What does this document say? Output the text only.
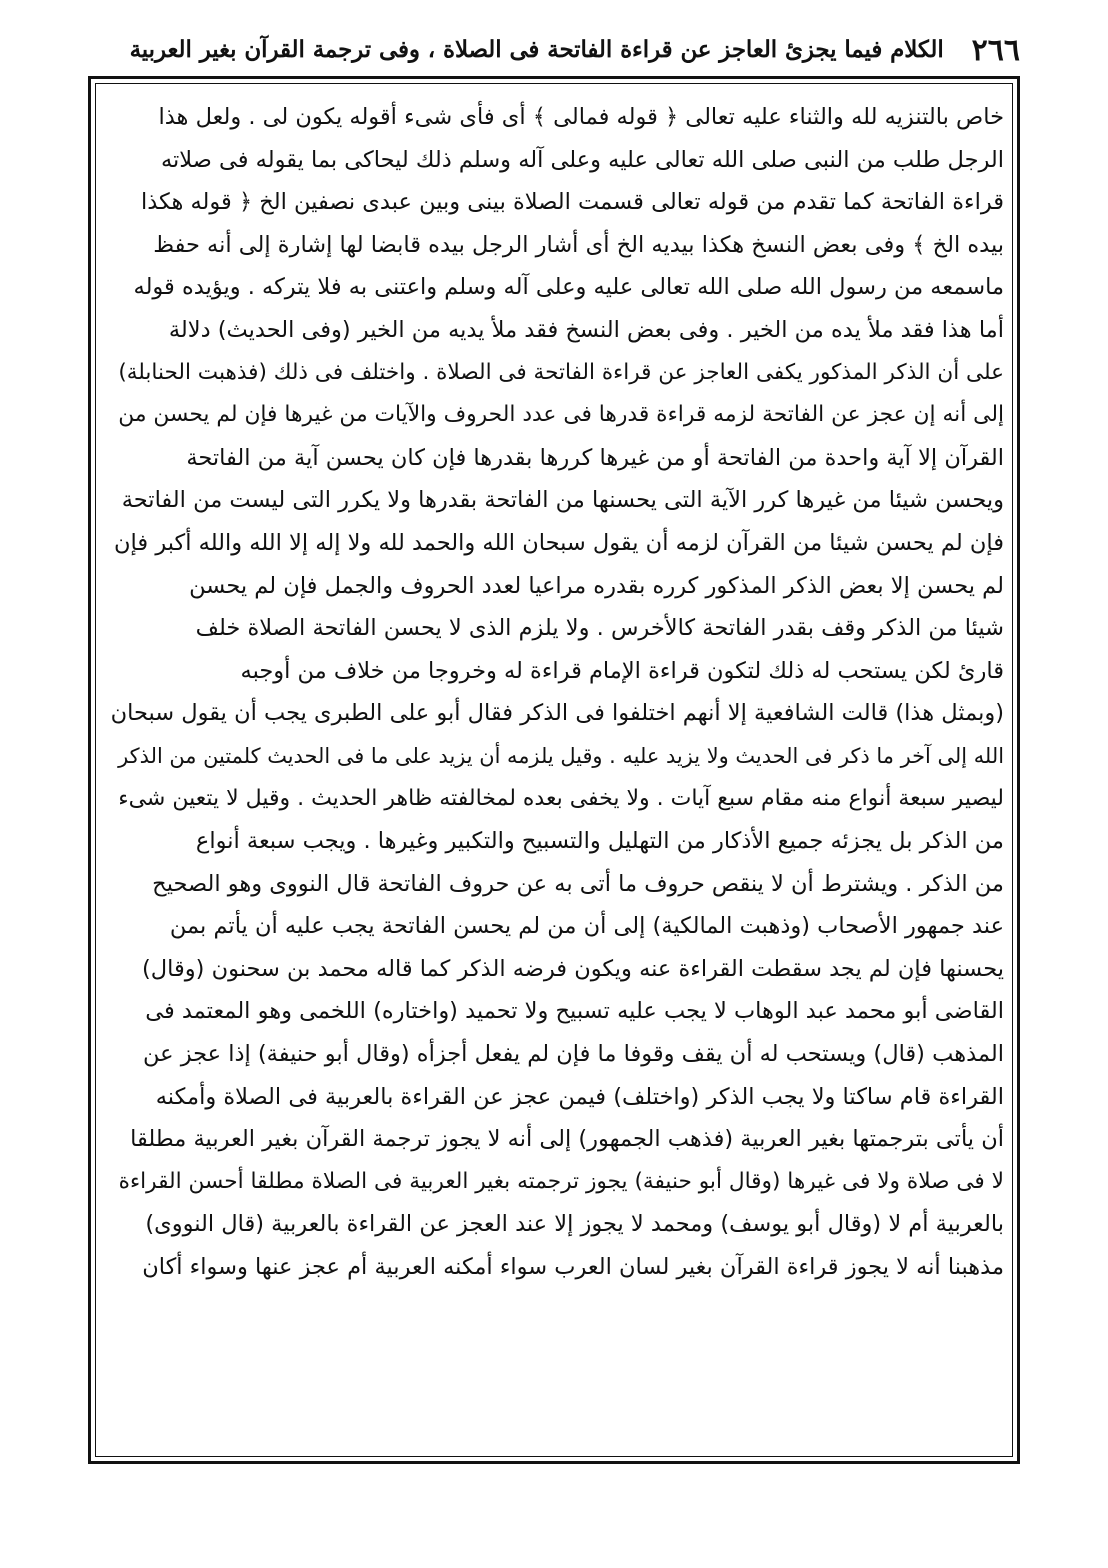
٢٦٦
الكلام فيما يجزئ العاجز عن قراءة الفاتحة فى الصلاة ، وفى ترجمة القرآن بغير العربية
خاص بالتنزيه لله والثناء عليه تعالى ﴿ قوله فمالى ﴾ أى فأى شىء أقوله يكون لى . ولعل هذا
الرجل طلب من النبى صلى الله تعالى عليه وعلى آله وسلم ذلك ليحاكى بما يقوله فى صلاته
قراءة الفاتحة كما تقدم من قوله تعالى قسمت الصلاة بينى وبين عبدى نصفين الخ ﴿ قوله هكذا
بيده الخ ﴾ وفى بعض النسخ هكذا بيديه الخ أى أشار الرجل بيده قابضا لها إشارة إلى أنه حفظ
ماسمعه من رسول الله صلى الله تعالى عليه وعلى آله وسلم واعتنى به فلا يتركه . ويؤيده قوله
أما هذا فقد ملأ يده من الخير . وفى بعض النسخ فقد ملأ يديه من الخير (وفى الحديث) دلالة
على أن الذكر المذكور يكفى العاجز عن قراءة الفاتحة فى الصلاة . واختلف فى ذلك (فذهبت الحنابلة)
إلى أنه إن عجز عن الفاتحة لزمه قراءة قدرها فى عدد الحروف والآيات من غيرها فإن لم يحسن من
القرآن إلا آية واحدة من الفاتحة أو من غيرها كررها بقدرها فإن كان يحسن آية من الفاتحة
ويحسن شيئا من غيرها كرر الآية التى يحسنها من الفاتحة بقدرها ولا يكرر التى ليست من الفاتحة
فإن لم يحسن شيئا من القرآن لزمه أن يقول سبحان الله والحمد لله ولا إله إلا الله والله أكبر فإن
لم يحسن إلا بعض الذكر المذكور كرره بقدره مراعيا لعدد الحروف والجمل فإن لم يحسن
شيئا من الذكر وقف بقدر الفاتحة كالأخرس . ولا يلزم الذى لا يحسن الفاتحة الصلاة خلف
قارئ لكن يستحب له ذلك لتكون قراءة الإمام قراءة له وخروجا من خلاف من أوجبه
(وبمثل هذا) قالت الشافعية إلا أنهم اختلفوا فى الذكر فقال أبو على الطبرى يجب أن يقول سبحان
الله إلى آخر ما ذكر فى الحديث ولا يزيد عليه . وقيل يلزمه أن يزيد على ما فى الحديث كلمتين من الذكر
ليصير سبعة أنواع منه مقام سبع آيات . ولا يخفى بعده لمخالفته ظاهر الحديث . وقيل لا يتعين شىء
من الذكر بل يجزئه جميع الأذكار من التهليل والتسبيح والتكبير وغيرها . ويجب سبعة أنواع
من الذكر . ويشترط أن لا ينقص حروف ما أتى به عن حروف الفاتحة قال النووى وهو الصحيح
عند جمهور الأصحاب (وذهبت المالكية) إلى أن من لم يحسن الفاتحة يجب عليه أن يأتم بمن
يحسنها فإن لم يجد سقطت القراءة عنه ويكون فرضه الذكر كما قاله محمد بن سحنون (وقال)
القاضى أبو محمد عبد الوهاب لا يجب عليه تسبيح ولا تحميد (واختاره) اللخمى وهو المعتمد فى
المذهب (قال) ويستحب له أن يقف وقوفا ما فإن لم يفعل أجزأه (وقال أبو حنيفة) إذا عجز عن
القراءة قام ساكتا ولا يجب الذكر (واختلف) فيمن عجز عن القراءة بالعربية فى الصلاة وأمكنه
أن يأتى بترجمتها بغير العربية (فذهب الجمهور) إلى أنه لا يجوز ترجمة القرآن بغير العربية مطلقا
لا فى صلاة ولا فى غيرها (وقال أبو حنيفة) يجوز ترجمته بغير العربية فى الصلاة مطلقا أحسن القراءة
بالعربية أم لا (وقال أبو يوسف) ومحمد لا يجوز إلا عند العجز عن القراءة بالعربية (قال النووى)
مذهبنا أنه لا يجوز قراءة القرآن بغير لسان العرب سواء أمكنه العربية أم عجز عنها وسواء أكان
